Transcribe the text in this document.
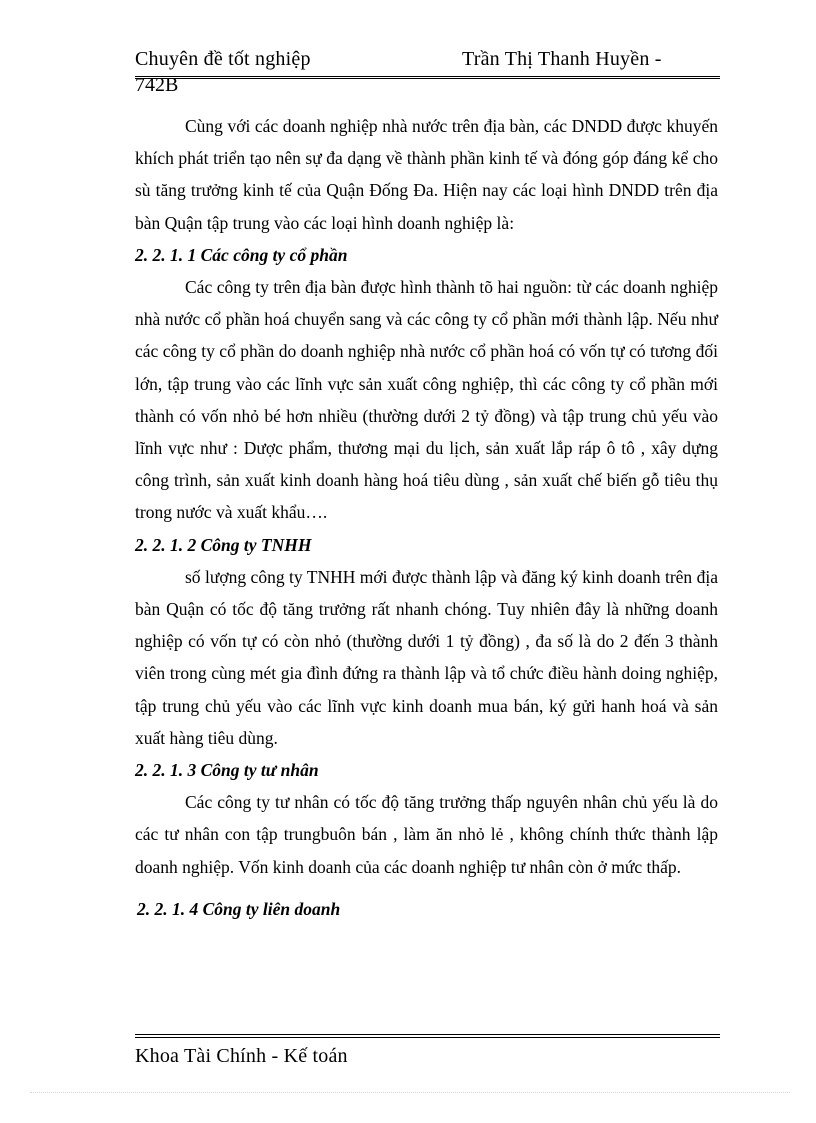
Chuyên đề tốt nghiệp	Trần Thị Thanh Huyền -
742B

Cùng với các doanh nghiệp nhà nước trên địa bàn, các DNDD được khuyến khích phát triển tạo nên sự đa dạng về thành phần kinh tế và đóng góp đáng kể cho sù tăng trưởng kinh tế của Quận Đống Đa. Hiện nay các loại hình DNDD trên địa bàn Quận tập trung vào các loại hình doanh nghiệp là:

2. 2. 1. 1 Các công ty cổ phần

Các công ty trên địa bàn được hình thành tõ hai nguồn: từ các doanh nghiệp nhà nước cổ phần hoá chuyển sang và các công ty cổ phần mới thành lập. Nếu như các công ty cổ phần do doanh nghiệp nhà nước cổ phần hoá có vốn tự có tương đối lớn, tập trung vào các lĩnh vực sản xuất công nghiệp, thì các công ty cổ phần mới thành có vốn nhỏ bé hơn nhiều (thường dưới 2 tỷ đồng) và tập trung chủ yếu vào lĩnh vực như : Dược phẩm, thương mại du lịch, sản xuất lắp ráp ô tô , xây dựng công trình, sản xuất kinh doanh hàng hoá tiêu dùng , sản xuất chế biến gỗ tiêu thụ trong nước và xuất khẩu….

2. 2. 1. 2 Công ty TNHH

số lượng công ty TNHH mới được thành lập và đăng ký kinh doanh trên địa bàn Quận có tốc độ tăng trưởng rất nhanh chóng. Tuy nhiên đây là những doanh nghiệp có vốn tự có còn nhỏ (thường dưới 1 tỷ đồng) , đa số là do 2 đến 3 thành viên trong cùng mét gia đình đứng ra thành lập và tổ chức điều hành doing nghiệp, tập trung chủ yếu vào các lĩnh vực kinh doanh mua bán, ký gửi hanh hoá và sản xuất hàng tiêu dùng.

2. 2. 1. 3 Công ty tư nhân

Các công ty tư nhân có tốc độ tăng trưởng thấp nguyên nhân chủ yếu là do các tư nhân con tập trungbuôn bán , làm ăn nhỏ lẻ , không chính thức thành lập doanh nghiệp. Vốn kinh doanh của các doanh nghiệp tư nhân còn ở mức thấp.

2. 2. 1. 4 Công ty liên doanh
Khoa Tài Chính - Kế toán
